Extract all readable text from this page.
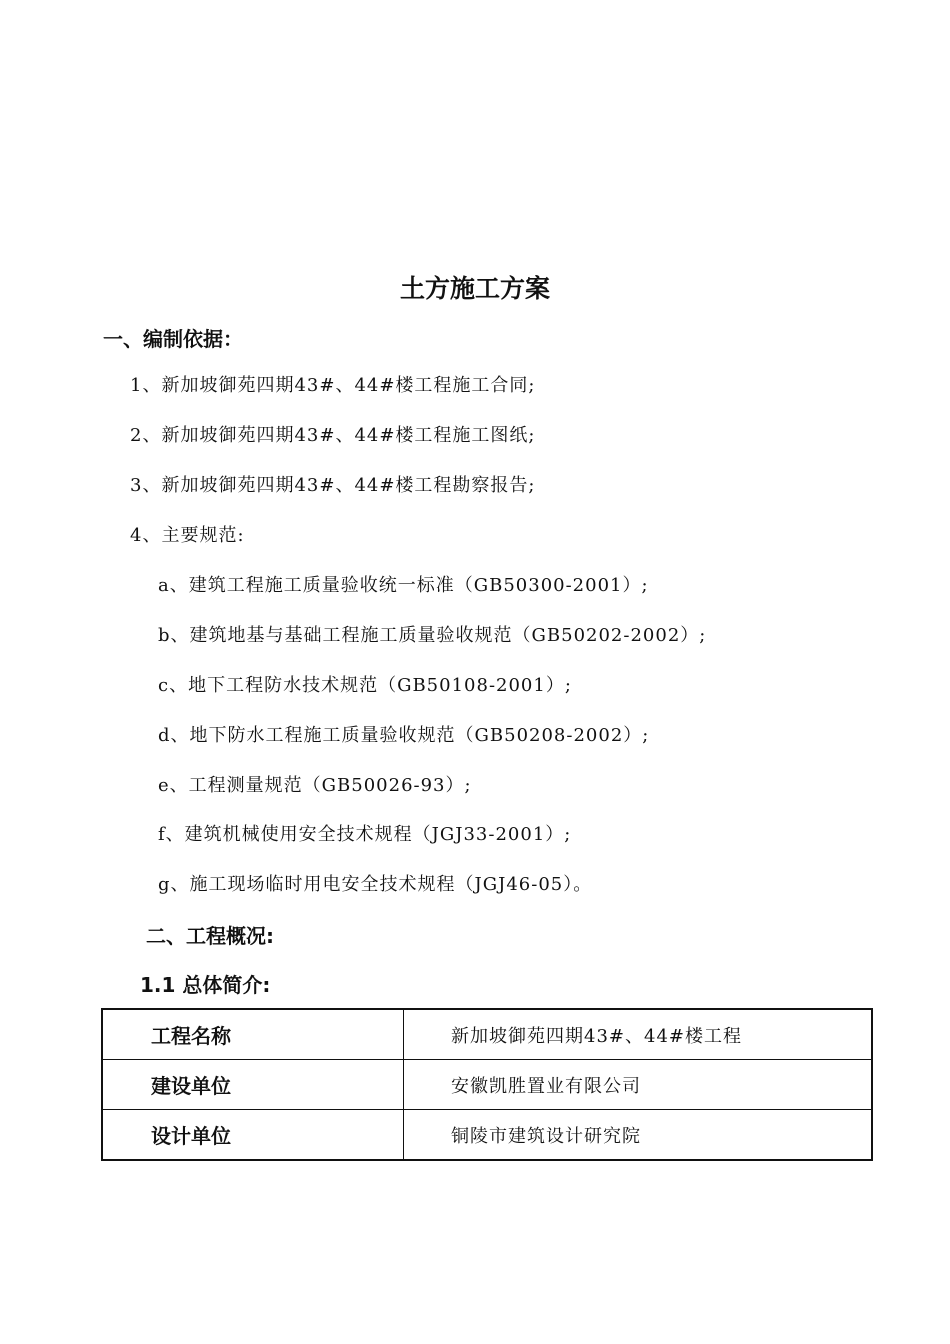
土方施工方案
一、编制依据：
1、新加坡御苑四期43#、44#楼工程施工合同;
2、新加坡御苑四期43#、44#楼工程施工图纸;
3、新加坡御苑四期43#、44#楼工程勘察报告;
4、主要规范:
a、建筑工程施工质量验收统一标准（GB50300-2001）;
b、建筑地基与基础工程施工质量验收规范（GB50202-2002）;
c、地下工程防水技术规范（GB50108-2001）;
d、地下防水工程施工质量验收规范（GB50208-2002）;
e、工程测量规范（GB50026-93）;
f、建筑机械使用安全技术规程（JGJ33-2001）;
g、施工现场临时用电安全技术规程（JGJ46-05）。
二、工程概况:
1.1 总体简介:
工程名称	新加坡御苑四期43#、44#楼工程
建设单位	安徽凯胜置业有限公司
设计单位	铜陵市建筑设计研究院
